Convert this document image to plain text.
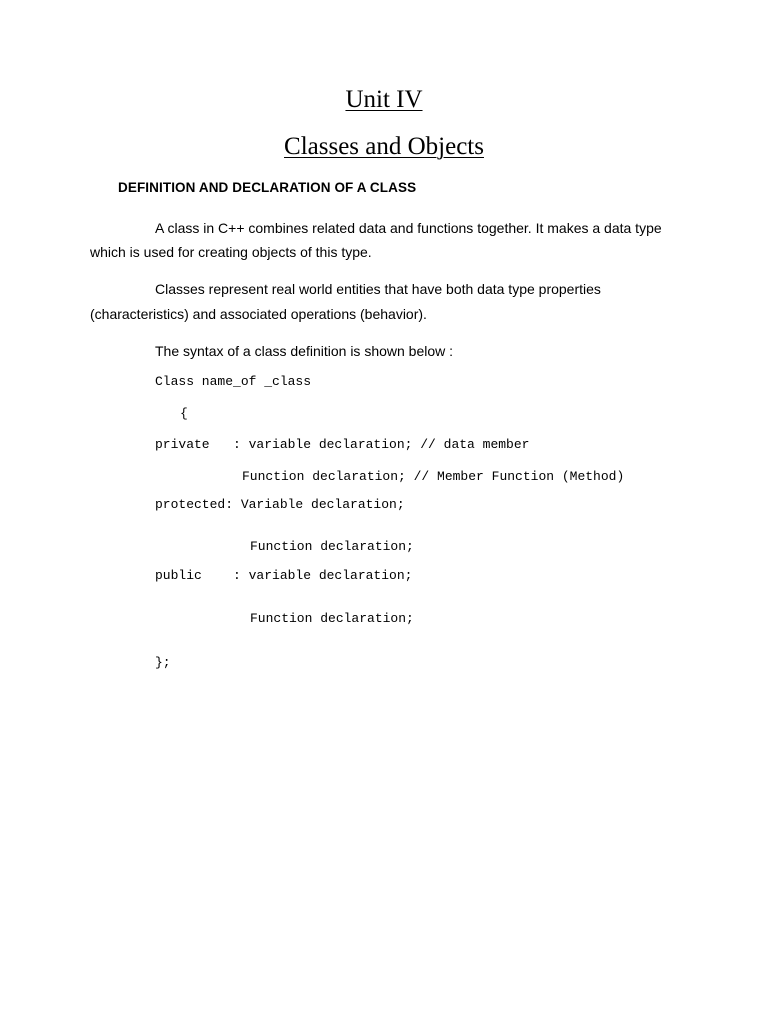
Unit IV
Classes and Objects
DEFINITION AND DECLARATION OF A CLASS
A class in C++ combines related data and functions together. It makes a data type
which is used for creating objects of this type.
Classes represent real world entities that have both data type properties
(characteristics) and associated operations (behavior).
The syntax of a class definition is shown below :
Class name_of _class
{
private   : variable declaration; // data member
Function declaration; // Member Function (Method)
protected: Variable declaration;
Function declaration;
public    : variable declaration;
Function declaration;
};
